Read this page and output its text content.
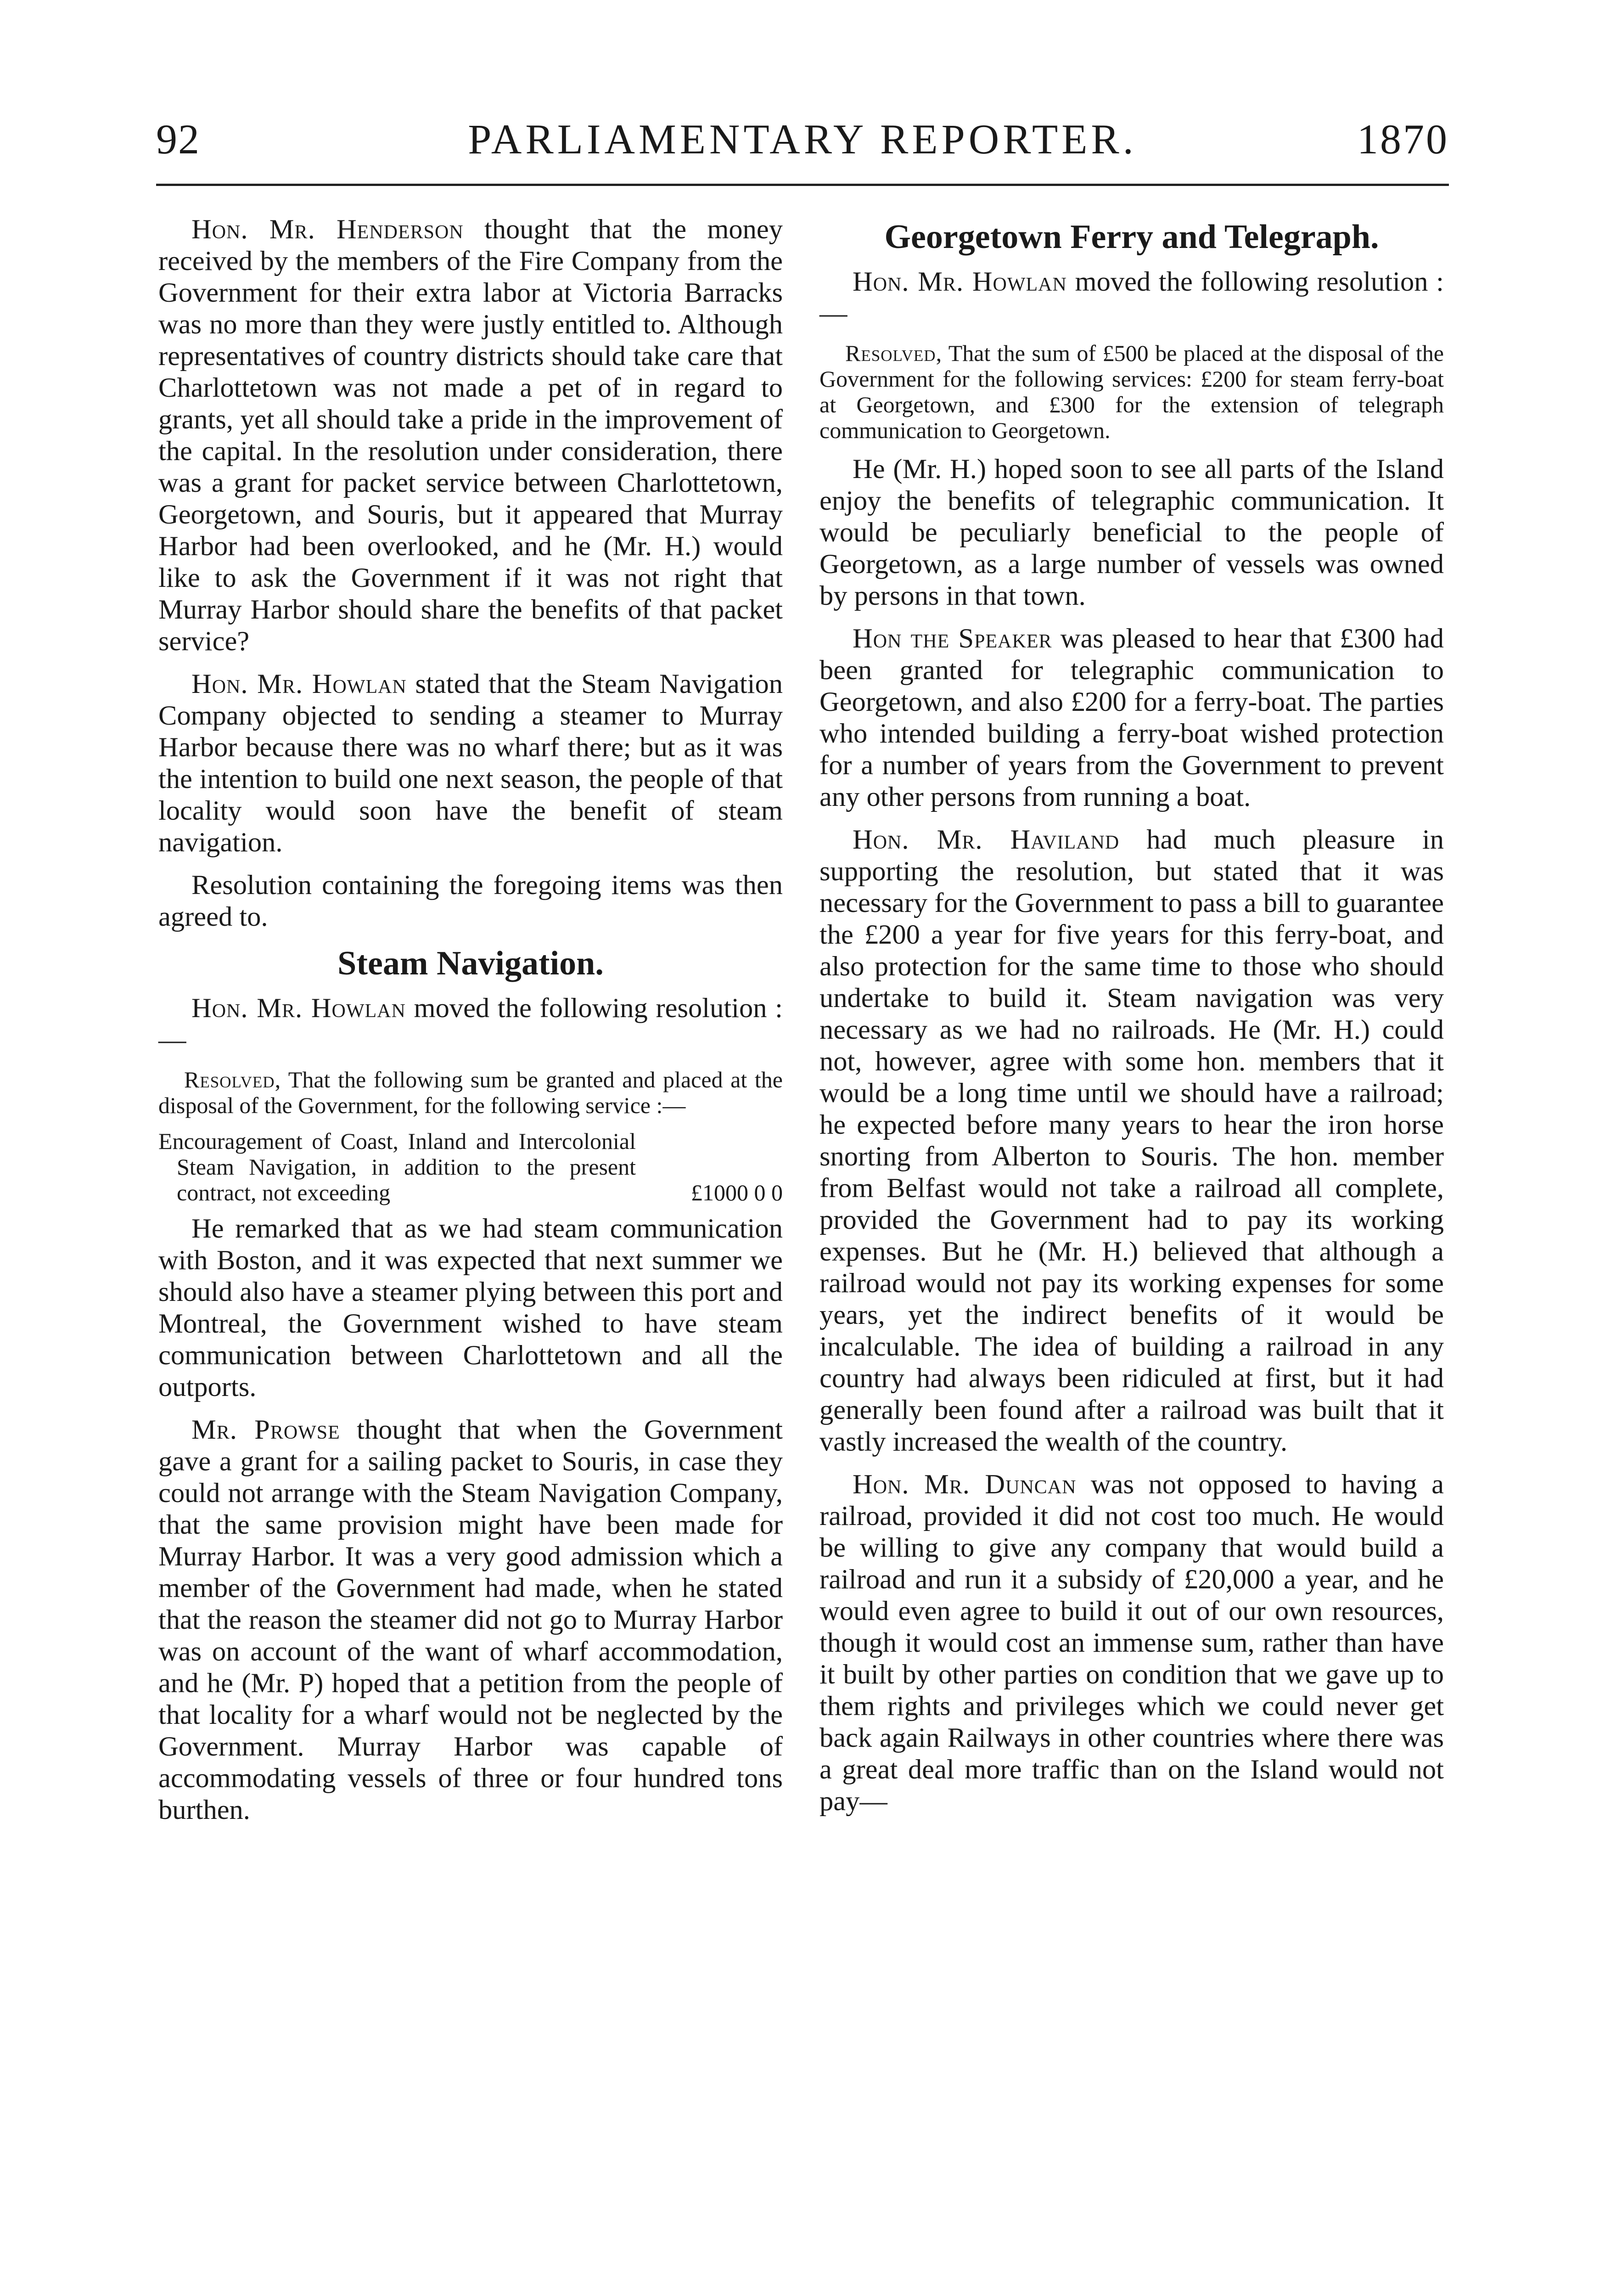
92	PARLIAMENTARY REPORTER.	1870

Hon. Mr. Henderson thought that the money received by the members of the Fire Company from the Government for their extra labor at Victoria Barracks was no more than they were justly entitled to. Although representatives of country districts should take care that Charlottetown was not made a pet of in regard to grants, yet all should take a pride in the improvement of the capital. In the resolution under consideration, there was a grant for packet service between Charlottetown, Georgetown, and Souris, but it appeared that Murray Harbor had been overlooked, and he (Mr. H.) would like to ask the Government if it was not right that Murray Harbor should share the benefits of that packet service?

Hon. Mr. Howlan stated that the Steam Navigation Company objected to sending a steamer to Murray Harbor because there was no wharf there; but as it was the intention to build one next season, the people of that locality would soon have the benefit of steam navigation.

Resolution containing the foregoing items was then agreed to.

Steam Navigation.

Hon. Mr. Howlan moved the following resolution :—

Resolved, That the following sum be granted and placed at the disposal of the Government, for the following service :—

Encouragement of Coast, Inland and Intercolonial Steam Navigation, in addition to the present contract, not exceeding	£1000 0 0

He remarked that as we had steam communication with Boston, and it was expected that next summer we should also have a steamer plying between this port and Montreal, the Government wished to have steam communication between Charlottetown and all the outports.

Mr. Prowse thought that when the Government gave a grant for a sailing packet to Souris, in case they could not arrange with the Steam Navigation Company, that the same provision might have been made for Murray Harbor. It was a very good admission which a member of the Government had made, when he stated that the reason the steamer did not go to Murray Harbor was on account of the want of wharf accommodation, and he (Mr. P) hoped that a petition from the people of that locality for a wharf would not be neglected by the Government. Murray Harbor was capable of accommodating vessels of three or four hundred tons burthen.

Georgetown Ferry and Telegraph.

Hon. Mr. Howlan moved the following resolution :—

Resolved, That the sum of £500 be placed at the disposal of the Government for the following services: £200 for steam ferry-boat at Georgetown, and £300 for the extension of telegraph communication to Georgetown.

He (Mr. H.) hoped soon to see all parts of the Island enjoy the benefits of telegraphic communication. It would be peculiarly beneficial to the people of Georgetown, as a large number of vessels was owned by persons in that town.

Hon the Speaker was pleased to hear that £300 had been granted for telegraphic communication to Georgetown, and also £200 for a ferry-boat. The parties who intended building a ferry-boat wished protection for a number of years from the Government to prevent any other persons from running a boat.

Hon. Mr. Haviland had much pleasure in supporting the resolution, but stated that it was necessary for the Government to pass a bill to guarantee the £200 a year for five years for this ferry-boat, and also protection for the same time to those who should undertake to build it. Steam navigation was very necessary as we had no railroads. He (Mr. H.) could not, however, agree with some hon. members that it would be a long time until we should have a railroad; he expected before many years to hear the iron horse snorting from Alberton to Souris. The hon. member from Belfast would not take a railroad all complete, provided the Government had to pay its working expenses. But he (Mr. H.) believed that although a railroad would not pay its working expenses for some years, yet the indirect benefits of it would be incalculable. The idea of building a railroad in any country had always been ridiculed at first, but it had generally been found after a railroad was built that it vastly increased the wealth of the country.

Hon. Mr. Duncan was not opposed to having a railroad, provided it did not cost too much. He would be willing to give any company that would build a railroad and run it a subsidy of £20,000 a year, and he would even agree to build it out of our own resources, though it would cost an immense sum, rather than have it built by other parties on condition that we gave up to them rights and privileges which we could never get back again Railways in other countries where there was a great deal more traffic than on the Island would not pay—
